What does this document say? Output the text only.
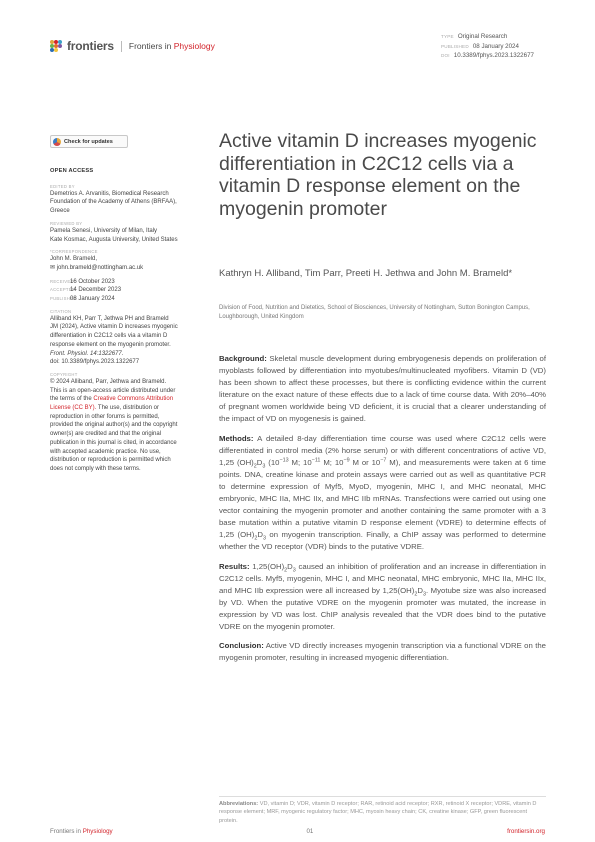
frontiers Frontiers in Physiology
TYPE Original Research
PUBLISHED 08 January 2024
DOI 10.3389/fphys.2023.1322677
Check for updates
OPEN ACCESS
EDITED BY
Demetrios A. Arvanitis, Biomedical Research Foundation of the Academy of Athens (BRFAA), Greece
REVIEWED BY
Pamela Senesi, University of Milan, Italy
Kate Kosmac, Augusta University, United States
*CORRESPONDENCE
John M. Brameld,
✉ john.brameld@nottingham.ac.uk
RECEIVED
16 October 2023
ACCEPTED
14 December 2023
PUBLISHED
08 January 2024
CITATION
Alliband KH, Parr T, Jethwa PH and Brameld JM (2024), Active vitamin D increases myogenic differentiation in C2C12 cells via a vitamin D response element on the myogenin promoter. Front. Physiol. 14:1322677.
doi: 10.3389/fphys.2023.1322677
COPYRIGHT
© 2024 Alliband, Parr, Jethwa and Brameld. This is an open-access article distributed under the terms of the Creative Commons Attribution License (CC BY). The use, distribution or reproduction in other forums is permitted, provided the original author(s) and the copyright owner(s) are credited and that the original publication in this journal is cited, in accordance with accepted academic practice. No use, distribution or reproduction is permitted which does not comply with these terms.
Active vitamin D increases myogenic differentiation in C2C12 cells via a vitamin D response element on the myogenin promoter
Kathryn H. Alliband, Tim Parr, Preeti H. Jethwa and John M. Brameld*
Division of Food, Nutrition and Dietetics, School of Biosciences, University of Nottingham, Sutton Bonington Campus, Loughborough, United Kingdom

Background: Skeletal muscle development during embryogenesis depends on proliferation of myoblasts followed by differentiation into myotubes/multinucleated myofibers. Vitamin D (VD) has been shown to affect these processes, but there is conflicting evidence within the current literature on the exact nature of these effects due to a lack of time course data. With 20%–40% of pregnant women worldwide being VD deficient, it is crucial that a clearer understanding of the impact of VD on myogenesis is gained.

Methods: A detailed 8-day differentiation time course was used where C2C12 cells were differentiated in control media (2% horse serum) or with different concentrations of active VD, 1,25 $(OH)_2D_3$ ($10^{-13}$ M; $10^{-11}$ M; $10^{-9}$ M or $10^{-7}$ M), and measurements were taken at 6 time points. DNA, creatine kinase and protein assays were carried out as well as quantitative PCR to determine expression of Myf5, MyoD, myogenin, MHC I, and MHC neonatal, MHC embryonic, MHC IIa, MHC IIx, and MHC IIb mRNAs. Transfections were carried out using one vector containing the myogenin promoter and another containing the same promoter with a 3 base mutation within a putative vitamin D response element (VDRE) to determine effects of 1,25 $(OH)_2D_3$ on myogenin transcription. Finally, a ChIP assay was performed to determine whether the VD receptor (VDR) binds to the putative VDRE.

Results: $1,25(OH)_2D_3$ caused an inhibition of proliferation and an increase in differentiation in C2C12 cells. Myf5, myogenin, MHC I, and MHC neonatal, MHC embryonic, MHC IIa, MHC IIx, and MHC IIb expression were all increased by $1,25(OH)_2D_3$. Myotube size was also increased by VD. When the putative VDRE on the myogenin promoter was mutated, the increase in expression by VD was lost. ChIP analysis revealed that the VDR does bind to the putative VDRE on the myogenin promoter.

Conclusion: Active VD directly increases myogenin transcription via a functional VDRE on the myogenin promoter, resulting in increased myogenic differentiation.

Abbreviations: VD, vitamin D; VDR, vitamin D receptor; RAR, retinoid acid receptor; RXR, retinoid X receptor; VDRE, vitamin D response element; MRF, myogenic regulatory factor; MHC, myosin heavy chain; CK, creatine kinase; GFP, green fluorescent protein.
Frontiers in Physiology	01	frontiersin.org
